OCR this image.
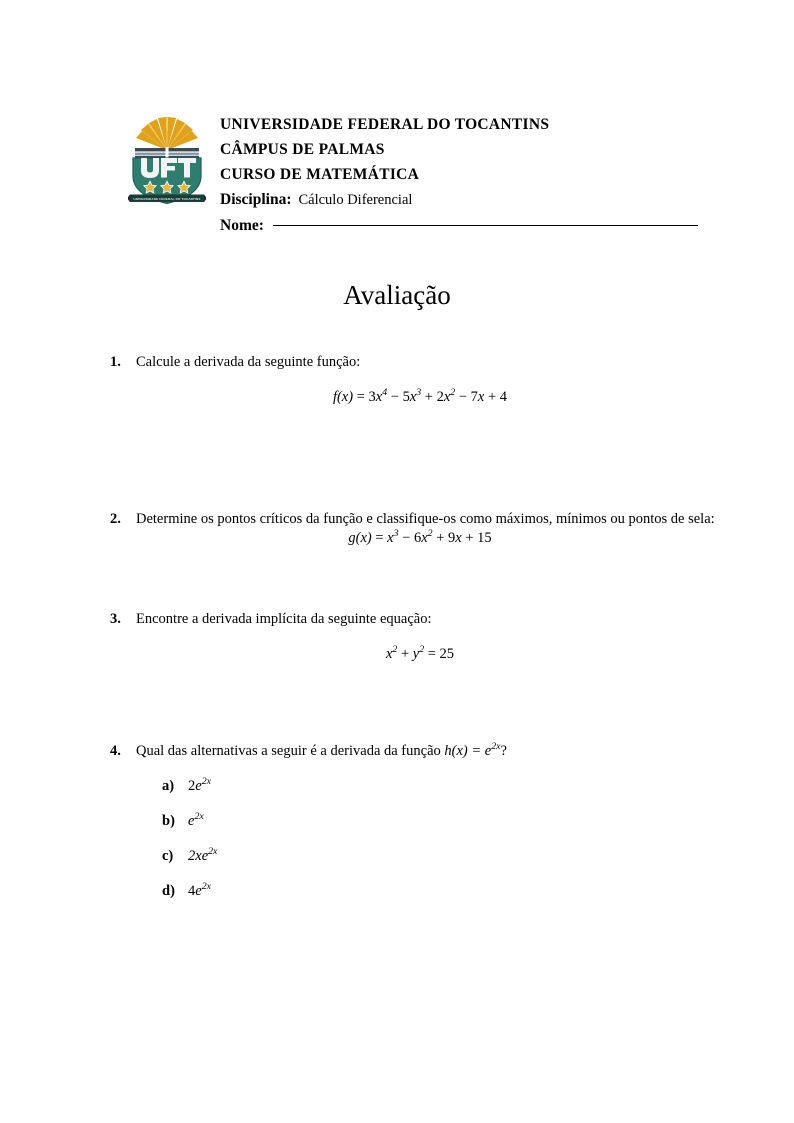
UNIVERSIDADE FEDERAL DO TOCANTINS
UNIVERSIDADE FEDERAL DO TOCANTINS
CÂMPUS DE PALMAS
CURSO DE MATEMÁTICA
Disciplina: Cálculo Diferencial
Nome:
Avaliação
1. Calcule a derivada da seguinte função:
$f(x) = 3x^4 - 5x^3 + 2x^2 - 7x + 4$
2. Determine os pontos críticos da função e classifique-os como máximos, mínimos ou pontos de sela:
$g(x) = x^3 - 6x^2 + 9x + 15$
3. Encontre a derivada implícita da seguinte equação:
$x^2 + y^2 = 25$
4. Qual das alternativas a seguir é a derivada da função $h(x) = e^{2x}$?
a) $2e^{2x}$
b) $e^{2x}$
c) $2xe^{2x}$
d) $4e^{2x}$
